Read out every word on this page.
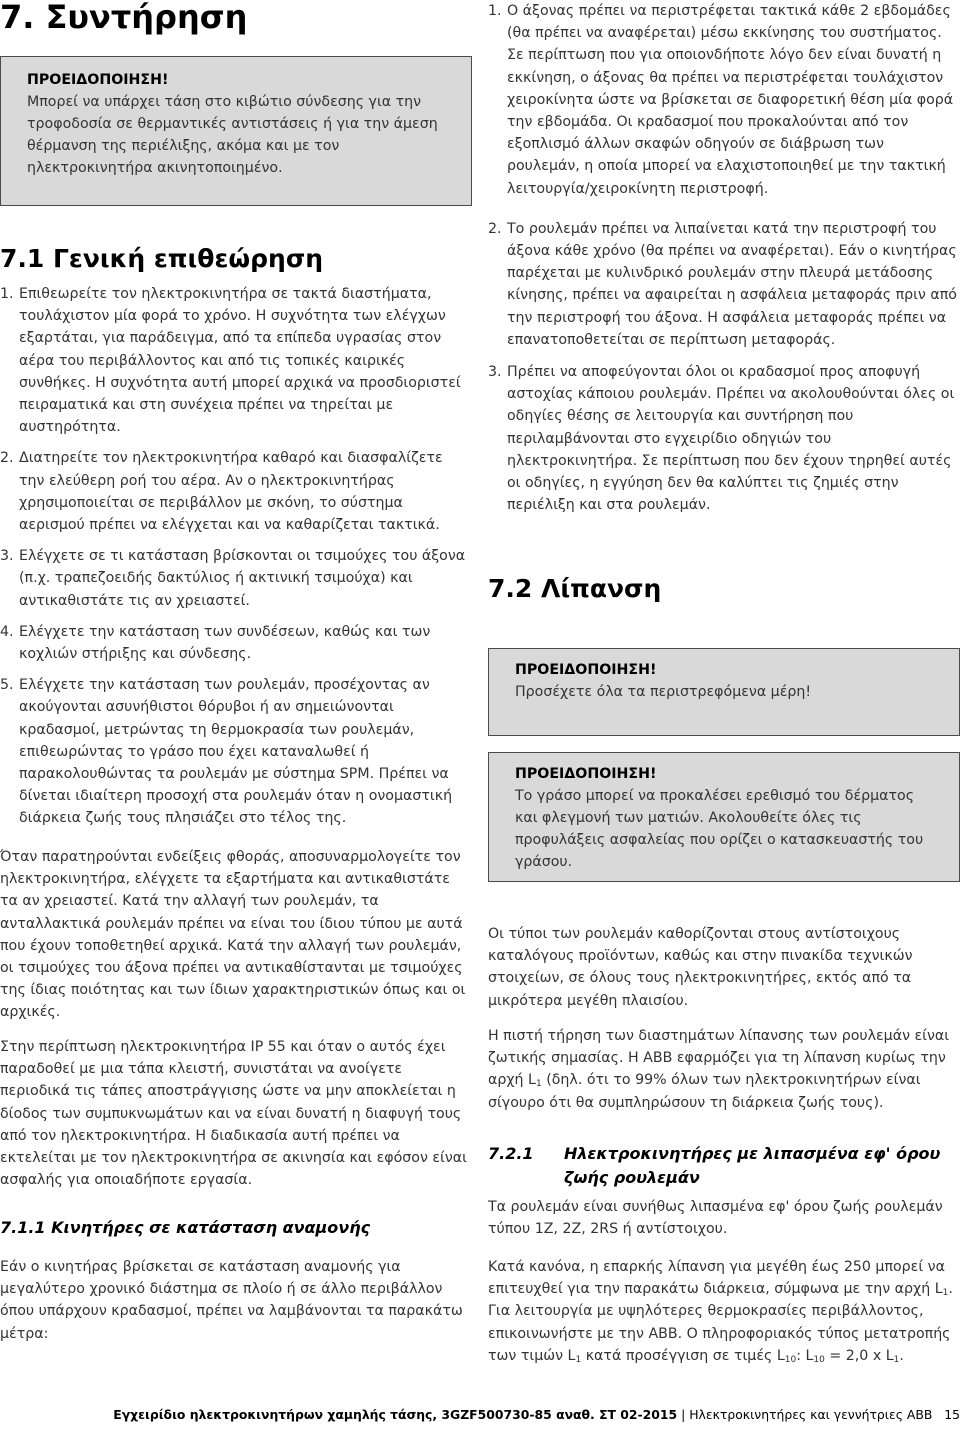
7. Συντήρηση
ΠΡΟΕΙΔΟΠΟΙΗΣΗ!
Μπορεί να υπάρχει τάση στο κιβώτιο σύνδεσης για την τροφοδοσία σε θερμαντικές αντιστάσεις ή για την άμεση θέρμανση της περιέλιξης, ακόμα και με τον ηλεκτροκινητήρα ακινητοποιημένο.
7.1 Γενική επιθεώρηση
1. Επιθεωρείτε τον ηλεκτροκινητήρα σε τακτά διαστήματα, τουλάχιστον μία φορά το χρόνο. Η συχνότητα των ελέγχων εξαρτάται, για παράδειγμα, από τα επίπεδα υγρασίας στον αέρα του περιβάλλοντος και από τις τοπικές καιρικές συνθήκες. Η συχνότητα αυτή μπορεί αρχικά να προσδιοριστεί πειραματικά και στη συνέχεια πρέπει να τηρείται με αυστηρότητα.
2. Διατηρείτε τον ηλεκτροκινητήρα καθαρό και διασφαλίζετε την ελεύθερη ροή του αέρα. Αν ο ηλεκτροκινητήρας χρησιμοποιείται σε περιβάλλον με σκόνη, το σύστημα αερισμού πρέπει να ελέγχεται και να καθαρίζεται τακτικά.
3. Ελέγχετε σε τι κατάσταση βρίσκονται οι τσιμούχες του άξονα (π.χ. τραπεζοειδής δακτύλιος ή ακτινική τσιμούχα) και αντικαθιστάτε τις αν χρειαστεί.
4. Ελέγχετε την κατάσταση των συνδέσεων, καθώς και των κοχλιών στήριξης και σύνδεσης.
5. Ελέγχετε την κατάσταση των ρουλεμάν, προσέχοντας αν ακούγονται ασυνήθιστοι θόρυβοι ή αν σημειώνονται κραδασμοί, μετρώντας τη θερμοκρασία των ρουλεμάν, επιθεωρώντας το γράσο που έχει καταναλωθεί ή παρακολουθώντας τα ρουλεμάν με σύστημα SPM. Πρέπει να δίνεται ιδιαίτερη προσοχή στα ρουλεμάν όταν η ονομαστική διάρκεια ζωής τους πλησιάζει στο τέλος της.

Όταν παρατηρούνται ενδείξεις φθοράς, αποσυναρμολογείτε τον ηλεκτροκινητήρα, ελέγχετε τα εξαρτήματα και αντικαθιστάτε τα αν χρειαστεί. Κατά την αλλαγή των ρουλεμάν, τα ανταλλακτικά ρουλεμάν πρέπει να είναι του ίδιου τύπου με αυτά που έχουν τοποθετηθεί αρχικά. Κατά την αλλαγή των ρουλεμάν, οι τσιμούχες του άξονα πρέπει να αντικαθίστανται με τσιμούχες της ίδιας ποιότητας και των ίδιων χαρακτηριστικών όπως και οι αρχικές.

Στην περίπτωση ηλεκτροκινητήρα IP 55 και όταν ο αυτός έχει παραδοθεί με μια τάπα κλειστή, συνιστάται να ανοίγετε περιοδικά τις τάπες αποστράγγισης ώστε να μην αποκλείεται η δίοδος των συμπυκνωμάτων και να είναι δυνατή η διαφυγή τους από τον ηλεκτροκινητήρα. Η διαδικασία αυτή πρέπει να εκτελείται με τον ηλεκτροκινητήρα σε ακινησία και εφόσον είναι ασφαλής για οποιαδήποτε εργασία.

7.1.1 Κινητήρες σε κατάσταση αναμονής

Εάν ο κινητήρας βρίσκεται σε κατάσταση αναμονής για μεγαλύτερο χρονικό διάστημα σε πλοίο ή σε άλλο περιβάλλον όπου υπάρχουν κραδασμοί, πρέπει να λαμβάνονται τα παρακάτω μέτρα:

1. Ο άξονας πρέπει να περιστρέφεται τακτικά κάθε 2 εβδομάδες (θα πρέπει να αναφέρεται) μέσω εκκίνησης του συστήματος. Σε περίπτωση που για οποιονδήποτε λόγο δεν είναι δυνατή η εκκίνηση, ο άξονας θα πρέπει να περιστρέφεται τουλάχιστον χειροκίνητα ώστε να βρίσκεται σε διαφορετική θέση μία φορά την εβδομάδα. Οι κραδασμοί που προκαλούνται από τον εξοπλισμό άλλων σκαφών οδηγούν σε διάβρωση των ρουλεμάν, η οποία μπορεί να ελαχιστοποιηθεί με την τακτική λειτουργία/χειροκίνητη περιστροφή.
2. Το ρουλεμάν πρέπει να λιπαίνεται κατά την περιστροφή του άξονα κάθε χρόνο (θα πρέπει να αναφέρεται). Εάν ο κινητήρας παρέχεται με κυλινδρικό ρουλεμάν στην πλευρά μετάδοσης κίνησης, πρέπει να αφαιρείται η ασφάλεια μεταφοράς πριν από την περιστροφή του άξονα. Η ασφάλεια μεταφοράς πρέπει να επανατοποθετείται σε περίπτωση μεταφοράς.
3. Πρέπει να αποφεύγονται όλοι οι κραδασμοί προς αποφυγή αστοχίας κάποιου ρουλεμάν. Πρέπει να ακολουθούνται όλες οι οδηγίες θέσης σε λειτουργία και συντήρηση που περιλαμβάνονται στο εγχειρίδιο οδηγιών του ηλεκτροκινητήρα. Σε περίπτωση που δεν έχουν τηρηθεί αυτές οι οδηγίες, η εγγύηση δεν θα καλύπτει τις ζημιές στην περιέλιξη και στα ρουλεμάν.
7.2 Λίπανση
ΠΡΟΕΙΔΟΠΟΙΗΣΗ!
Προσέχετε όλα τα περιστρεφόμενα μέρη!
ΠΡΟΕΙΔΟΠΟΙΗΣΗ!
Το γράσο μπορεί να προκαλέσει ερεθισμό του δέρματος και φλεγμονή των ματιών. Ακολουθείτε όλες τις προφυλάξεις ασφαλείας που ορίζει ο κατασκευαστής του γράσου.

Οι τύποι των ρουλεμάν καθορίζονται στους αντίστοιχους καταλόγους προϊόντων, καθώς και στην πινακίδα τεχνικών στοιχείων, σε όλους τους ηλεκτροκινητήρες, εκτός από τα μικρότερα μεγέθη πλαισίου.

Η πιστή τήρηση των διαστημάτων λίπανσης των ρουλεμάν είναι ζωτικής σημασίας. Η ABB εφαρμόζει για τη λίπανση κυρίως την αρχή $L_1$ (δηλ. ότι το 99% όλων των ηλεκτροκινητήρων είναι σίγουρο ότι θα συμπληρώσουν τη διάρκεια ζωής τους).

7.2.1	Ηλεκτροκινητήρες με λιπασμένα εφ' όρου ζωής ρουλεμάν

Τα ρουλεμάν είναι συνήθως λιπασμένα εφ' όρου ζωής ρουλεμάν τύπου 1Z, 2Z, 2RS ή αντίστοιχου.

Κατά κανόνα, η επαρκής λίπανση για μεγέθη έως 250 μπορεί να επιτευχθεί για την παρακάτω διάρκεια, σύμφωνα με την αρχή $L_1$. Για λειτουργία με υψηλότερες θερμοκρασίες περιβάλλοντος, επικοινωνήστε με την ABB. Ο πληροφοριακός τύπος μετατροπής των τιμών $L_1$ κατά προσέγγιση σε τιμές $L_{10}$: $L_{10} = 2,0$ x $L_1$.

Εγχειρίδιο ηλεκτροκινητήρων χαμηλής τάσης, 3GZF500730-85 αναθ. ΣΤ 02-2015 | Ηλεκτροκινητήρες και γεννήτριες ABB 15
